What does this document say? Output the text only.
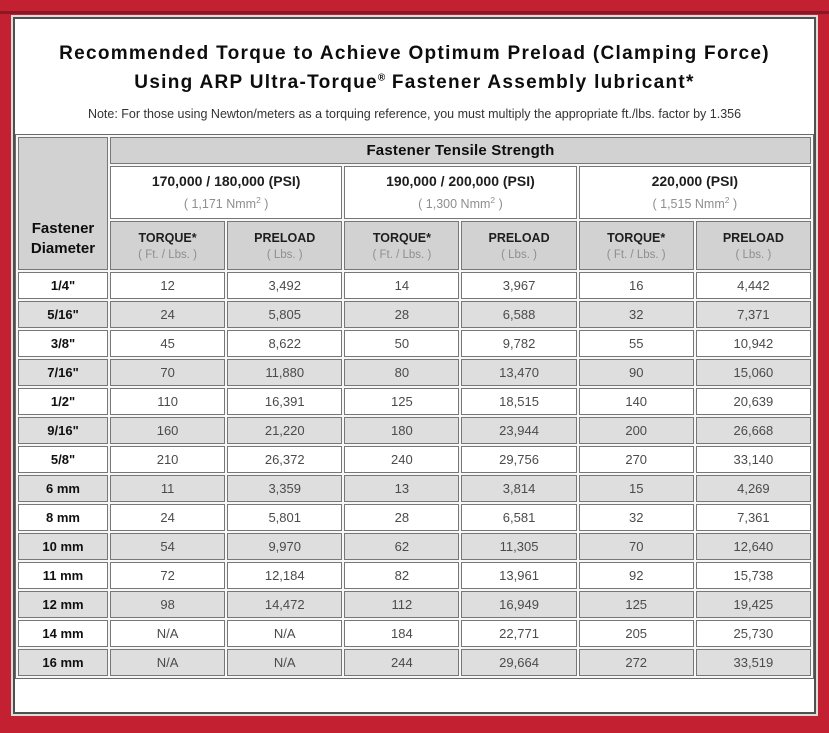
Recommended Torque to Achieve Optimum Preload (Clamping Force)
Using ARP Ultra-Torque® Fastener Assembly lubricant*

Note: For those using Newton/meters as a torquing reference, you must multiply the appropriate ft./lbs. factor by 1.356

Fastener Diameter	Fastener Tensile Strength					

170,000 / 180,000 (PSI)
( 1,171 Nmm$^2$ )

190,000 / 200,000 (PSI)
( 1,300 Nmm$^2$ )

220,000 (PSI)
( 1,515 Nmm$^2$ )

TORQUE*
( Ft. / Lbs. )

PRELOAD
( Lbs. )

TORQUE*
( Ft. / Lbs. )

PRELOAD
( Lbs. )

TORQUE*
( Ft. / Lbs. )

PRELOAD
( Lbs. )

1/4"	12	3,492	14	3,967	16	4,442
5/16"	24	5,805	28	6,588	32	7,371
3/8"	45	8,622	50	9,782	55	10,942
7/16"	70	11,880	80	13,470	90	15,060
1/2"	110	16,391	125	18,515	140	20,639
9/16"	160	21,220	180	23,944	200	26,668
5/8"	210	26,372	240	29,756	270	33,140
6 mm	11	3,359	13	3,814	15	4,269
8 mm	24	5,801	28	6,581	32	7,361
10 mm	54	9,970	62	11,305	70	12,640
11 mm	72	12,184	82	13,961	92	15,738
12 mm	98	14,472	112	16,949	125	19,425
14 mm	N/A	N/A	184	22,771	205	25,730
16 mm	N/A	N/A	244	29,664	272	33,519
